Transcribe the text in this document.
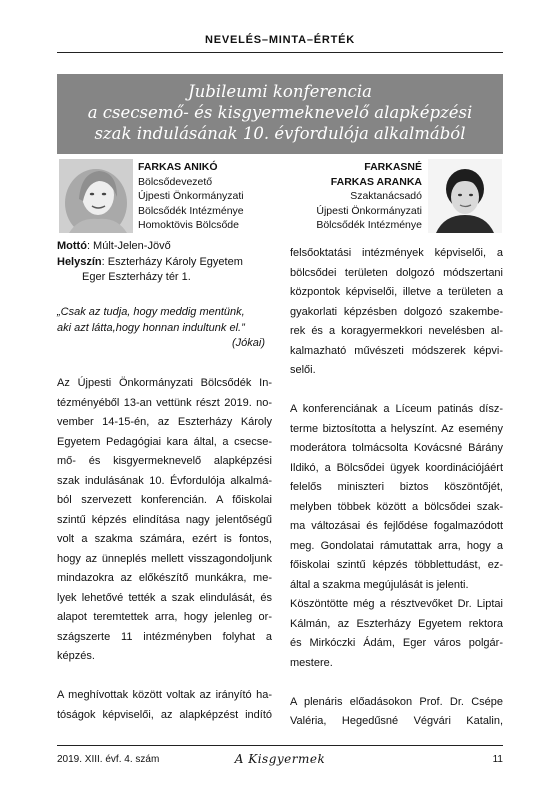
NEVELÉS–MINTA–ÉRTÉK
Jubileumi konferencia
a csecsemő- és kisgyermeknevelő alapképzési
szak indulásának 10. évfordulója alkalmából
FARKAS ANIKÓ
Bölcsődevezető
Újpesti Önkormányzati
Bölcsődék Intézménye
Homoktövis Bölcsőde
FARKASNÉ
FARKAS ARANKA
Szaktanácsadó
Újpesti Önkormányzati
Bölcsődék Intézménye
Mottó: Múlt-Jelen-Jövő
Helyszín: Eszterházy Károly Egyetem
Eger Eszterházy tér 1.
„Csak az tudja, hogy meddig mentünk,
aki azt látta,hogy honnan indultunk el.”
(Jókai)

Az Újpesti Önkormányzati Bölcsődék In-
tézményéből 13-an vettünk részt 2019. no-
vember 14-15-én, az Eszterházy Károly
Egyetem Pedagógiai kara által, a csecse-
mő- és kisgyermeknevelő alapképzési
szak indulásának 10. Évfordulója alkalmá-
ból szervezett konferencián. A főiskolai
szintű képzés elindítása nagy jelentőségű
volt a szakma számára, ezért is fontos,
hogy az ünneplés mellett visszagondoljunk
mindazokra az előkészítő munkákra, me-
lyek lehetővé tették a szak elindulását, és
alapot teremtettek arra, hogy jelenleg or-
szágszerte 11 intézményben folyhat a
képzés.

A meghívottak között voltak az irányító ha-
tóságok képviselői, az alapképzést indító

felsőoktatási intézmények képviselői, a
bölcsődei területen dolgozó módszertani
központok képviselői, illetve a területen a
gyakorlati képzésben dolgozó szakembe-
rek és a koragyermekkori nevelésben al-
kalmazható művészeti módszerek képvi-
selői.

A konferenciának a Líceum patinás dísz-
terme biztosította a helyszínt. Az esemény
moderátora tolmácsolta Kovácsné Bárány
Ildikó, a Bölcsődei ügyek koordinációjáért
felelős miniszteri biztos köszöntőjét,
melyben többek között a bölcsődei szak-
ma változásai és fejlődése fogalmazódott
meg. Gondolatai rámutattak arra, hogy a
főiskolai szintű képzés többlettudást, ez-
által a szakma megújulását is jelenti.
Köszöntötte még a résztvevőket Dr. Liptai
Kálmán, az Eszterházy Egyetem rektora
és Mirkóczki Ádám, Eger város polgár-
mestere.

A plenáris előadásokon Prof. Dr. Csépe
Valéria, Hegedűsné Végvári Katalin,

2019. XIII. évf. 4. szám	A Kisgyermek	11
